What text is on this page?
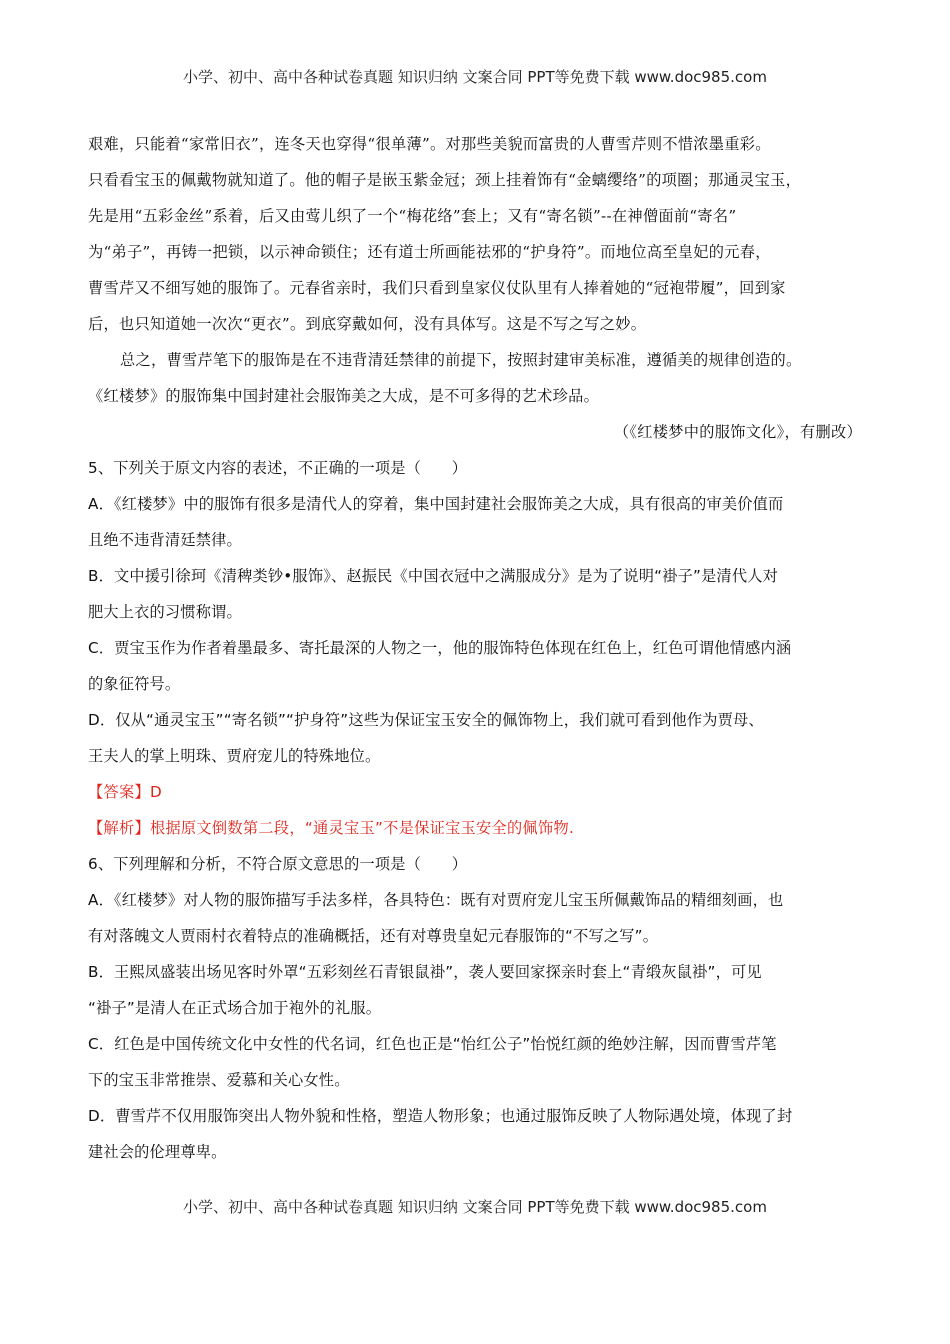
小学、初中、高中各种试卷真题 知识归纳 文案合同 PPT等免费下载 www.doc985.com
艰难，只能着“家常旧衣”，连冬天也穿得“很单薄”。对那些美貌而富贵的人曹雪芹则不惜浓墨重彩。
只看看宝玉的佩戴物就知道了。他的帽子是嵌玉紫金冠；颈上挂着饰有“金螭缨络”的项圈；那通灵宝玉，
先是用“五彩金丝”系着，后又由莺儿织了一个“梅花络”套上；又有“寄名锁”--在神僧面前“寄名”
为“弟子”，再铸一把锁，以示神命锁住；还有道士所画能祛邪的“护身符”。而地位高至皇妃的元春，
曹雪芹又不细写她的服饰了。元春省亲时，我们只看到皇家仪仗队里有人捧着她的“冠袍带履”，回到家
后，也只知道她一次次“更衣”。到底穿戴如何，没有具体写。这是不写之写之妙。
总之，曹雪芹笔下的服饰是在不违背清廷禁律的前提下，按照封建审美标准，遵循美的规律创造的。
《红楼梦》的服饰集中国封建社会服饰美之大成，是不可多得的艺术珍品。
（《红楼梦中的服饰文化》，有删改）
5、下列关于原文内容的表述，不正确的一项是（　　）
A．《红楼梦》中的服饰有很多是清代人的穿着，集中国封建社会服饰美之大成，具有很高的审美价值而
且绝不违背清廷禁律。
B．文中援引徐珂《清稗类钞•服饰》、赵振民《中国衣冠中之满服成分》是为了说明“褂子”是清代人对
肥大上衣的习惯称谓。
C．贾宝玉作为作者着墨最多、寄托最深的人物之一，他的服饰特色体现在红色上，红色可谓他情感内涵
的象征符号。
D．仅从“通灵宝玉”“寄名锁”“护身符”这些为保证宝玉安全的佩饰物上，我们就可看到他作为贾母、
王夫人的掌上明珠、贾府宠儿的特殊地位。
【答案】D
【解析】根据原文倒数第二段，“通灵宝玉”不是保证宝玉安全的佩饰物.
6、下列理解和分析，不符合原文意思的一项是（　　）
A．《红楼梦》对人物的服饰描写手法多样，各具特色：既有对贾府宠儿宝玉所佩戴饰品的精细刻画，也
有对落魄文人贾雨村衣着特点的准确概括，还有对尊贵皇妃元春服饰的“不写之写”。
B．王熙凤盛装出场见客时外罩“五彩刻丝石青银鼠褂”，袭人要回家探亲时套上“青缎灰鼠褂”，可见
“褂子”是清人在正式场合加于袍外的礼服。
C．红色是中国传统文化中女性的代名词，红色也正是“怡红公子”怡悦红颜的绝妙注解，因而曹雪芹笔
下的宝玉非常推崇、爱慕和关心女性。
D．曹雪芹不仅用服饰突出人物外貌和性格，塑造人物形象；也通过服饰反映了人物际遇处境，体现了封
建社会的伦理尊卑。
小学、初中、高中各种试卷真题 知识归纳 文案合同 PPT等免费下载 www.doc985.com
